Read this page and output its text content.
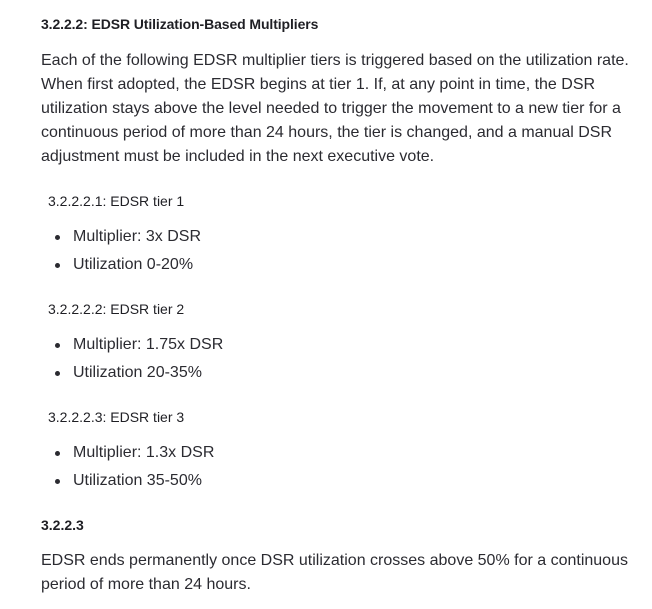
3.2.2.2: EDSR Utilization-Based Multipliers

Each of the following EDSR multiplier tiers is triggered based on the utilization rate. When first adopted, the EDSR begins at tier 1. If, at any point in time, the DSR utilization stays above the level needed to trigger the movement to a new tier for a continuous period of more than 24 hours, the tier is changed, and a manual DSR adjustment must be included in the next executive vote.

3.2.2.2.1: EDSR tier 1
Multiplier: 3x DSR
Utilization 0-20%
3.2.2.2.2: EDSR tier 2
Multiplier: 1.75x DSR
Utilization 20-35%
3.2.2.2.3: EDSR tier 3
Multiplier: 1.3x DSR
Utilization 35-50%
3.2.2.3

EDSR ends permanently once DSR utilization crosses above 50% for a continuous period of more than 24 hours.
